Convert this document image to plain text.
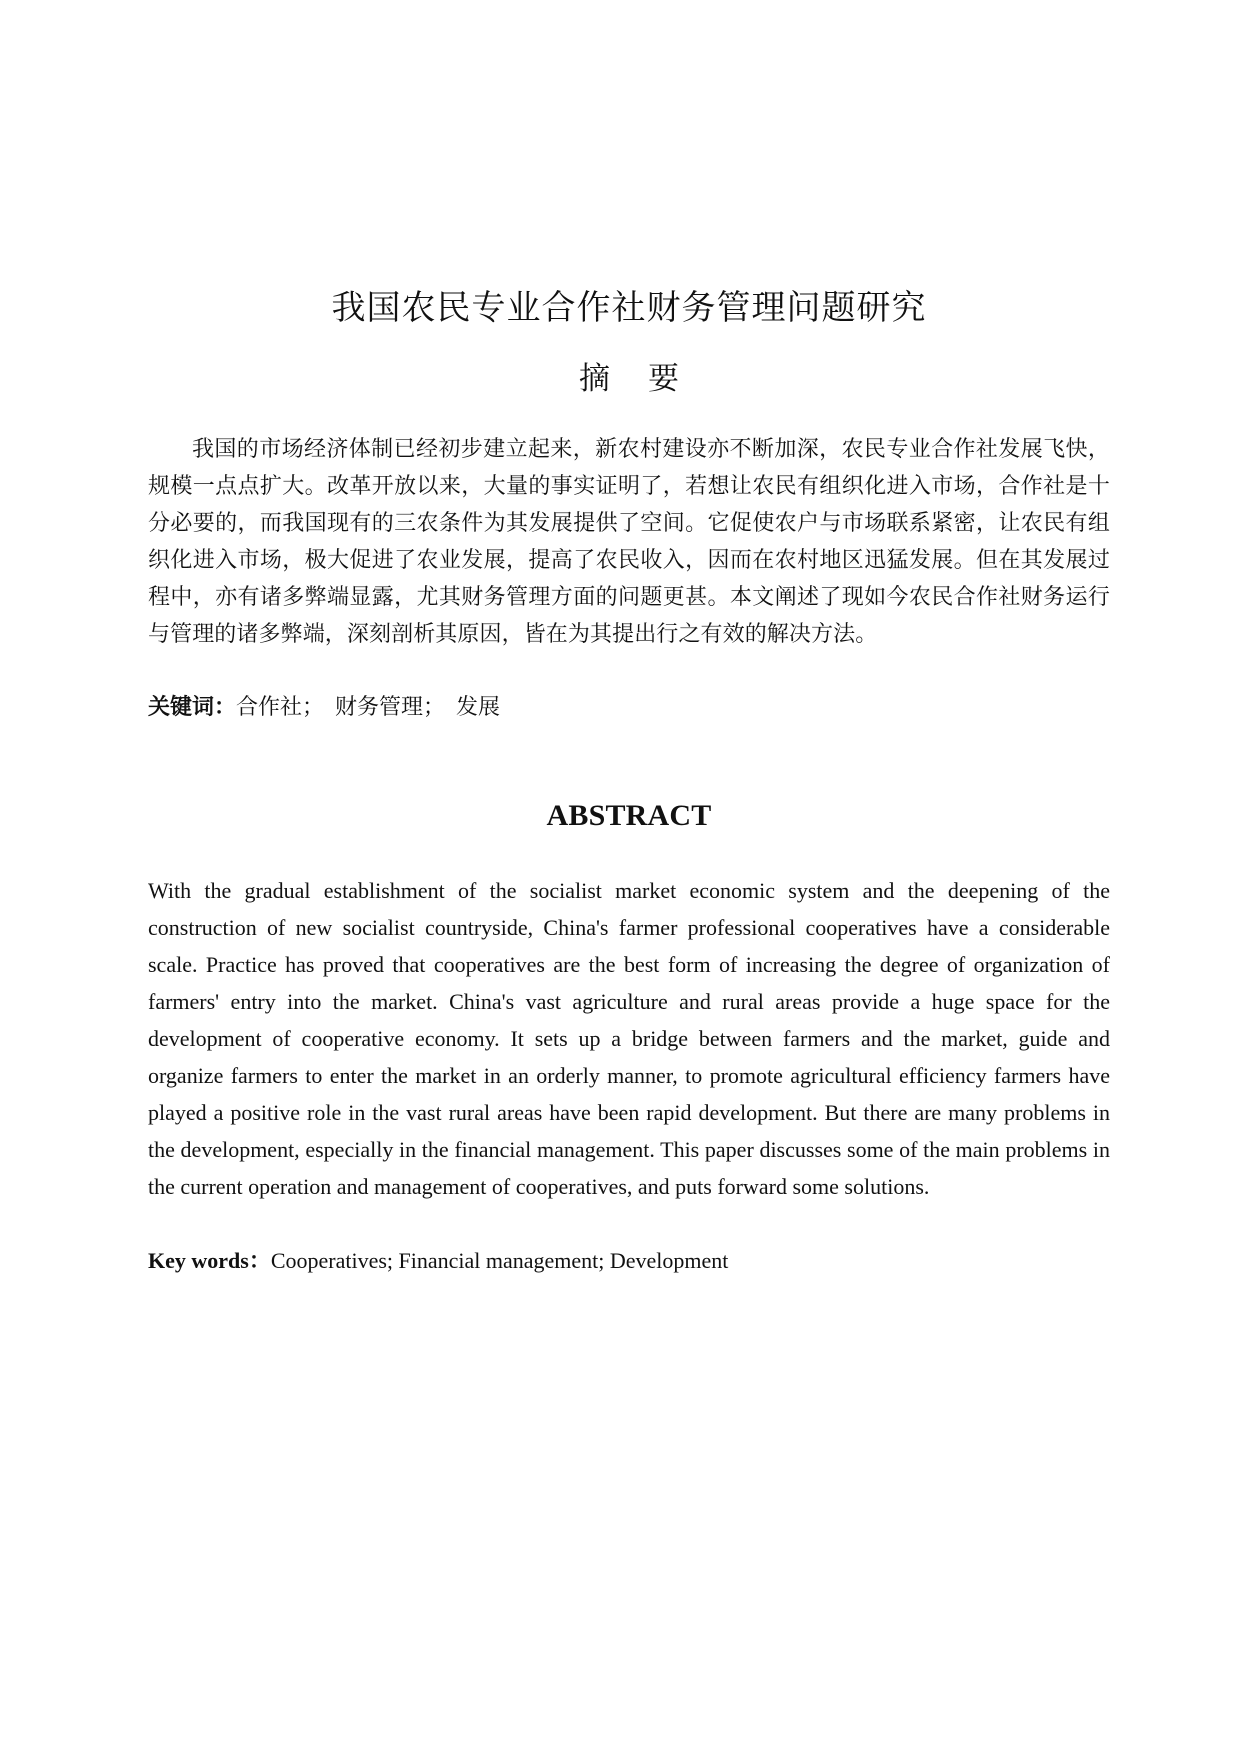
我国农民专业合作社财务管理问题研究
摘要
我国的市场经济体制已经初步建立起来，新农村建设亦不断加深，农民专业合作社发展飞快，规模一点点扩大。改革开放以来，大量的事实证明了，若想让农民有组织化进入市场，合作社是十分必要的，而我国现有的三农条件为其发展提供了空间。它促使农户与市场联系紧密，让农民有组织化进入市场，极大促进了农业发展，提高了农民收入，因而在农村地区迅猛发展。但在其发展过程中，亦有诸多弊端显露，尤其财务管理方面的问题更甚。本文阐述了现如今农民合作社财务运行与管理的诸多弊端，深刻剖析其原因，皆在为其提出行之有效的解决方法。
关键词：合作社； 财务管理； 发展
ABSTRACT
With the gradual establishment of the socialist market economic system and the deepening of the construction of new socialist countryside, China's farmer professional cooperatives have a considerable scale. Practice has proved that cooperatives are the best form of increasing the degree of organization of farmers' entry into the market. China's vast agriculture and rural areas provide a huge space for the development of cooperative economy. It sets up a bridge between farmers and the market, guide and organize farmers to enter the market in an orderly manner, to promote agricultural efficiency farmers have played a positive role in the vast rural areas have been rapid development. But there are many problems in the development, especially in the financial management. This paper discusses some of the main problems in the current operation and management of cooperatives, and puts forward some solutions.
Key words：Cooperatives; Financial management; Development
